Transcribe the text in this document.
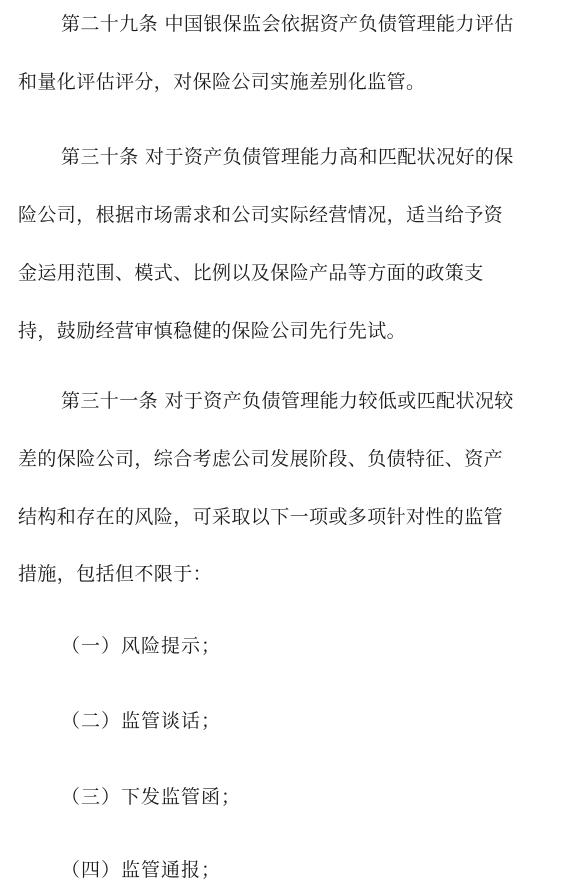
第二十九条 中国银保监会依据资产负债管理能力评估
和量化评估评分，对保险公司实施差别化监管。
第三十条 对于资产负债管理能力高和匹配状况好的保
险公司，根据市场需求和公司实际经营情况，适当给予资
金运用范围、模式、比例以及保险产品等方面的政策支
持，鼓励经营审慎稳健的保险公司先行先试。
第三十一条 对于资产负债管理能力较低或匹配状况较
差的保险公司，综合考虑公司发展阶段、负债特征、资产
结构和存在的风险，可采取以下一项或多项针对性的监管
措施，包括但不限于：
（一）风险提示；
（二）监管谈话；
（三）下发监管函；
（四）监管通报；
